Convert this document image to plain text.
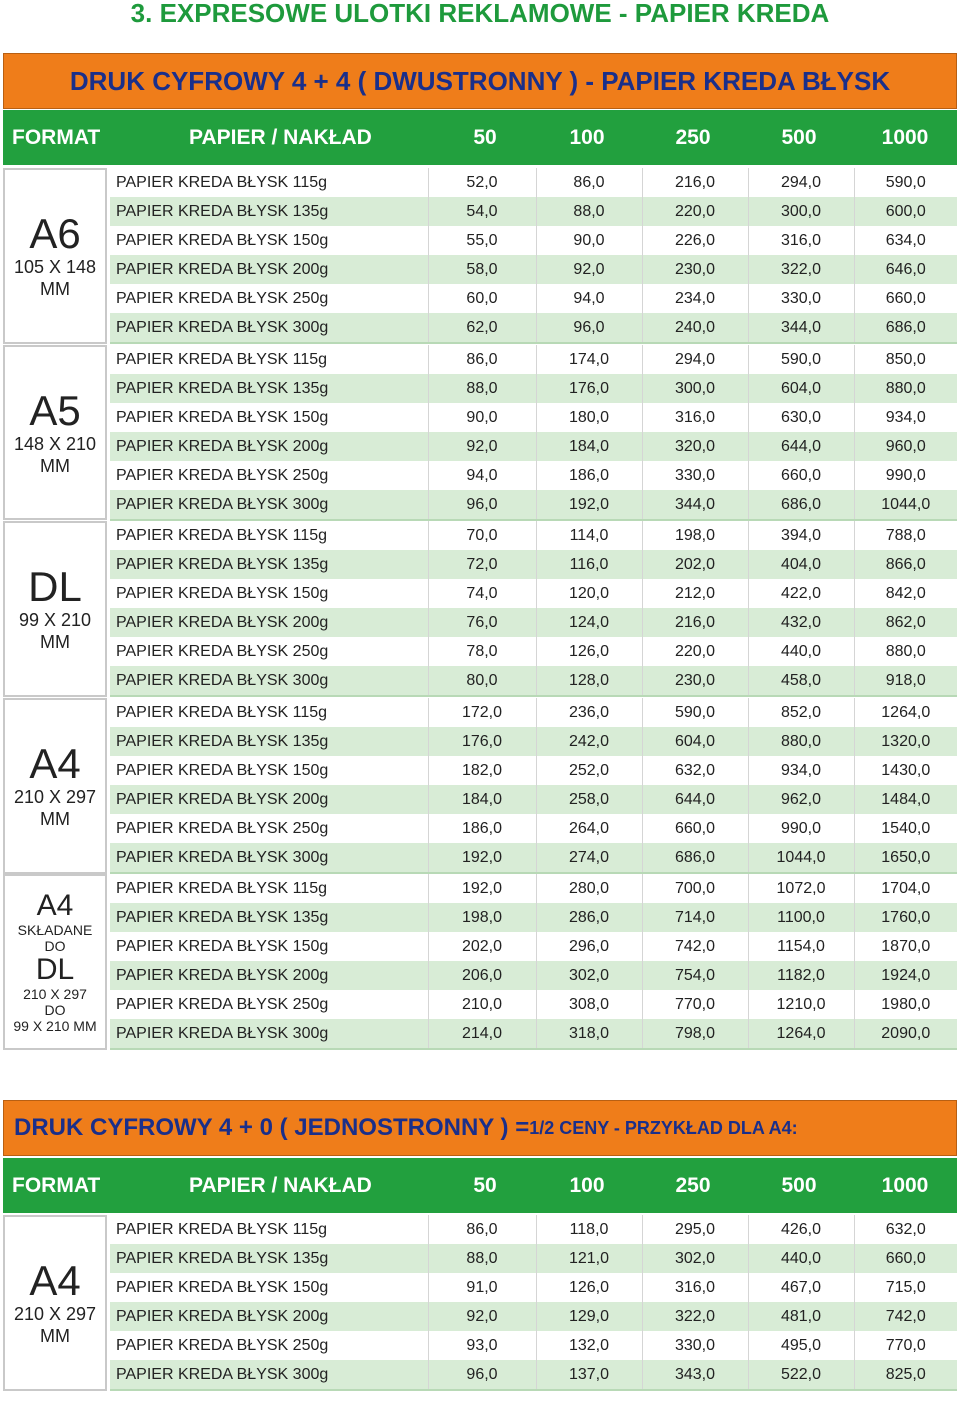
3. EXPRESOWE ULOTKI REKLAMOWE - PAPIER KREDA
DRUK CYFROWY 4 + 4 ( DWUSTRONNY ) - PAPIER KREDA BŁYSK
FORMAT	PAPIER / NAKŁAD	50	100	250	500	1000
A6
105 X 148
MM
PAPIER KREDA BŁYSK 115g	52,0	86,0	216,0	294,0	590,0
PAPIER KREDA BŁYSK 135g	54,0	88,0	220,0	300,0	600,0
PAPIER KREDA BŁYSK 150g	55,0	90,0	226,0	316,0	634,0
PAPIER KREDA BŁYSK 200g	58,0	92,0	230,0	322,0	646,0
PAPIER KREDA BŁYSK 250g	60,0	94,0	234,0	330,0	660,0
PAPIER KREDA BŁYSK 300g	62,0	96,0	240,0	344,0	686,0
A5
148 X 210
MM
PAPIER KREDA BŁYSK 115g	86,0	174,0	294,0	590,0	850,0
PAPIER KREDA BŁYSK 135g	88,0	176,0	300,0	604,0	880,0
PAPIER KREDA BŁYSK 150g	90,0	180,0	316,0	630,0	934,0
PAPIER KREDA BŁYSK 200g	92,0	184,0	320,0	644,0	960,0
PAPIER KREDA BŁYSK 250g	94,0	186,0	330,0	660,0	990,0
PAPIER KREDA BŁYSK 300g	96,0	192,0	344,0	686,0	1044,0
DL
99 X 210
MM
PAPIER KREDA BŁYSK 115g	70,0	114,0	198,0	394,0	788,0
PAPIER KREDA BŁYSK 135g	72,0	116,0	202,0	404,0	866,0
PAPIER KREDA BŁYSK 150g	74,0	120,0	212,0	422,0	842,0
PAPIER KREDA BŁYSK 200g	76,0	124,0	216,0	432,0	862,0
PAPIER KREDA BŁYSK 250g	78,0	126,0	220,0	440,0	880,0
PAPIER KREDA BŁYSK 300g	80,0	128,0	230,0	458,0	918,0
A4
210 X 297
MM
PAPIER KREDA BŁYSK 115g	172,0	236,0	590,0	852,0	1264,0
PAPIER KREDA BŁYSK 135g	176,0	242,0	604,0	880,0	1320,0
PAPIER KREDA BŁYSK 150g	182,0	252,0	632,0	934,0	1430,0
PAPIER KREDA BŁYSK 200g	184,0	258,0	644,0	962,0	1484,0
PAPIER KREDA BŁYSK 250g	186,0	264,0	660,0	990,0	1540,0
PAPIER KREDA BŁYSK 300g	192,0	274,0	686,0	1044,0	1650,0
A4
SKŁADANE
DO
DL
210 X 297
DO
99 X 210 MM
PAPIER KREDA BŁYSK 115g	192,0	280,0	700,0	1072,0	1704,0
PAPIER KREDA BŁYSK 135g	198,0	286,0	714,0	1100,0	1760,0
PAPIER KREDA BŁYSK 150g	202,0	296,0	742,0	1154,0	1870,0
PAPIER KREDA BŁYSK 200g	206,0	302,0	754,0	1182,0	1924,0
PAPIER KREDA BŁYSK 250g	210,0	308,0	770,0	1210,0	1980,0
PAPIER KREDA BŁYSK 300g	214,0	318,0	798,0	1264,0	2090,0
DRUK CYFROWY 4 + 0 ( JEDNOSTRONNY ) = 1/2 CENY - PRZYKŁAD DLA A4:
FORMAT	PAPIER / NAKŁAD	50	100	250	500	1000
A4
210 X 297
MM
PAPIER KREDA BŁYSK 115g	86,0	118,0	295,0	426,0	632,0
PAPIER KREDA BŁYSK 135g	88,0	121,0	302,0	440,0	660,0
PAPIER KREDA BŁYSK 150g	91,0	126,0	316,0	467,0	715,0
PAPIER KREDA BŁYSK 200g	92,0	129,0	322,0	481,0	742,0
PAPIER KREDA BŁYSK 250g	93,0	132,0	330,0	495,0	770,0
PAPIER KREDA BŁYSK 300g	96,0	137,0	343,0	522,0	825,0
